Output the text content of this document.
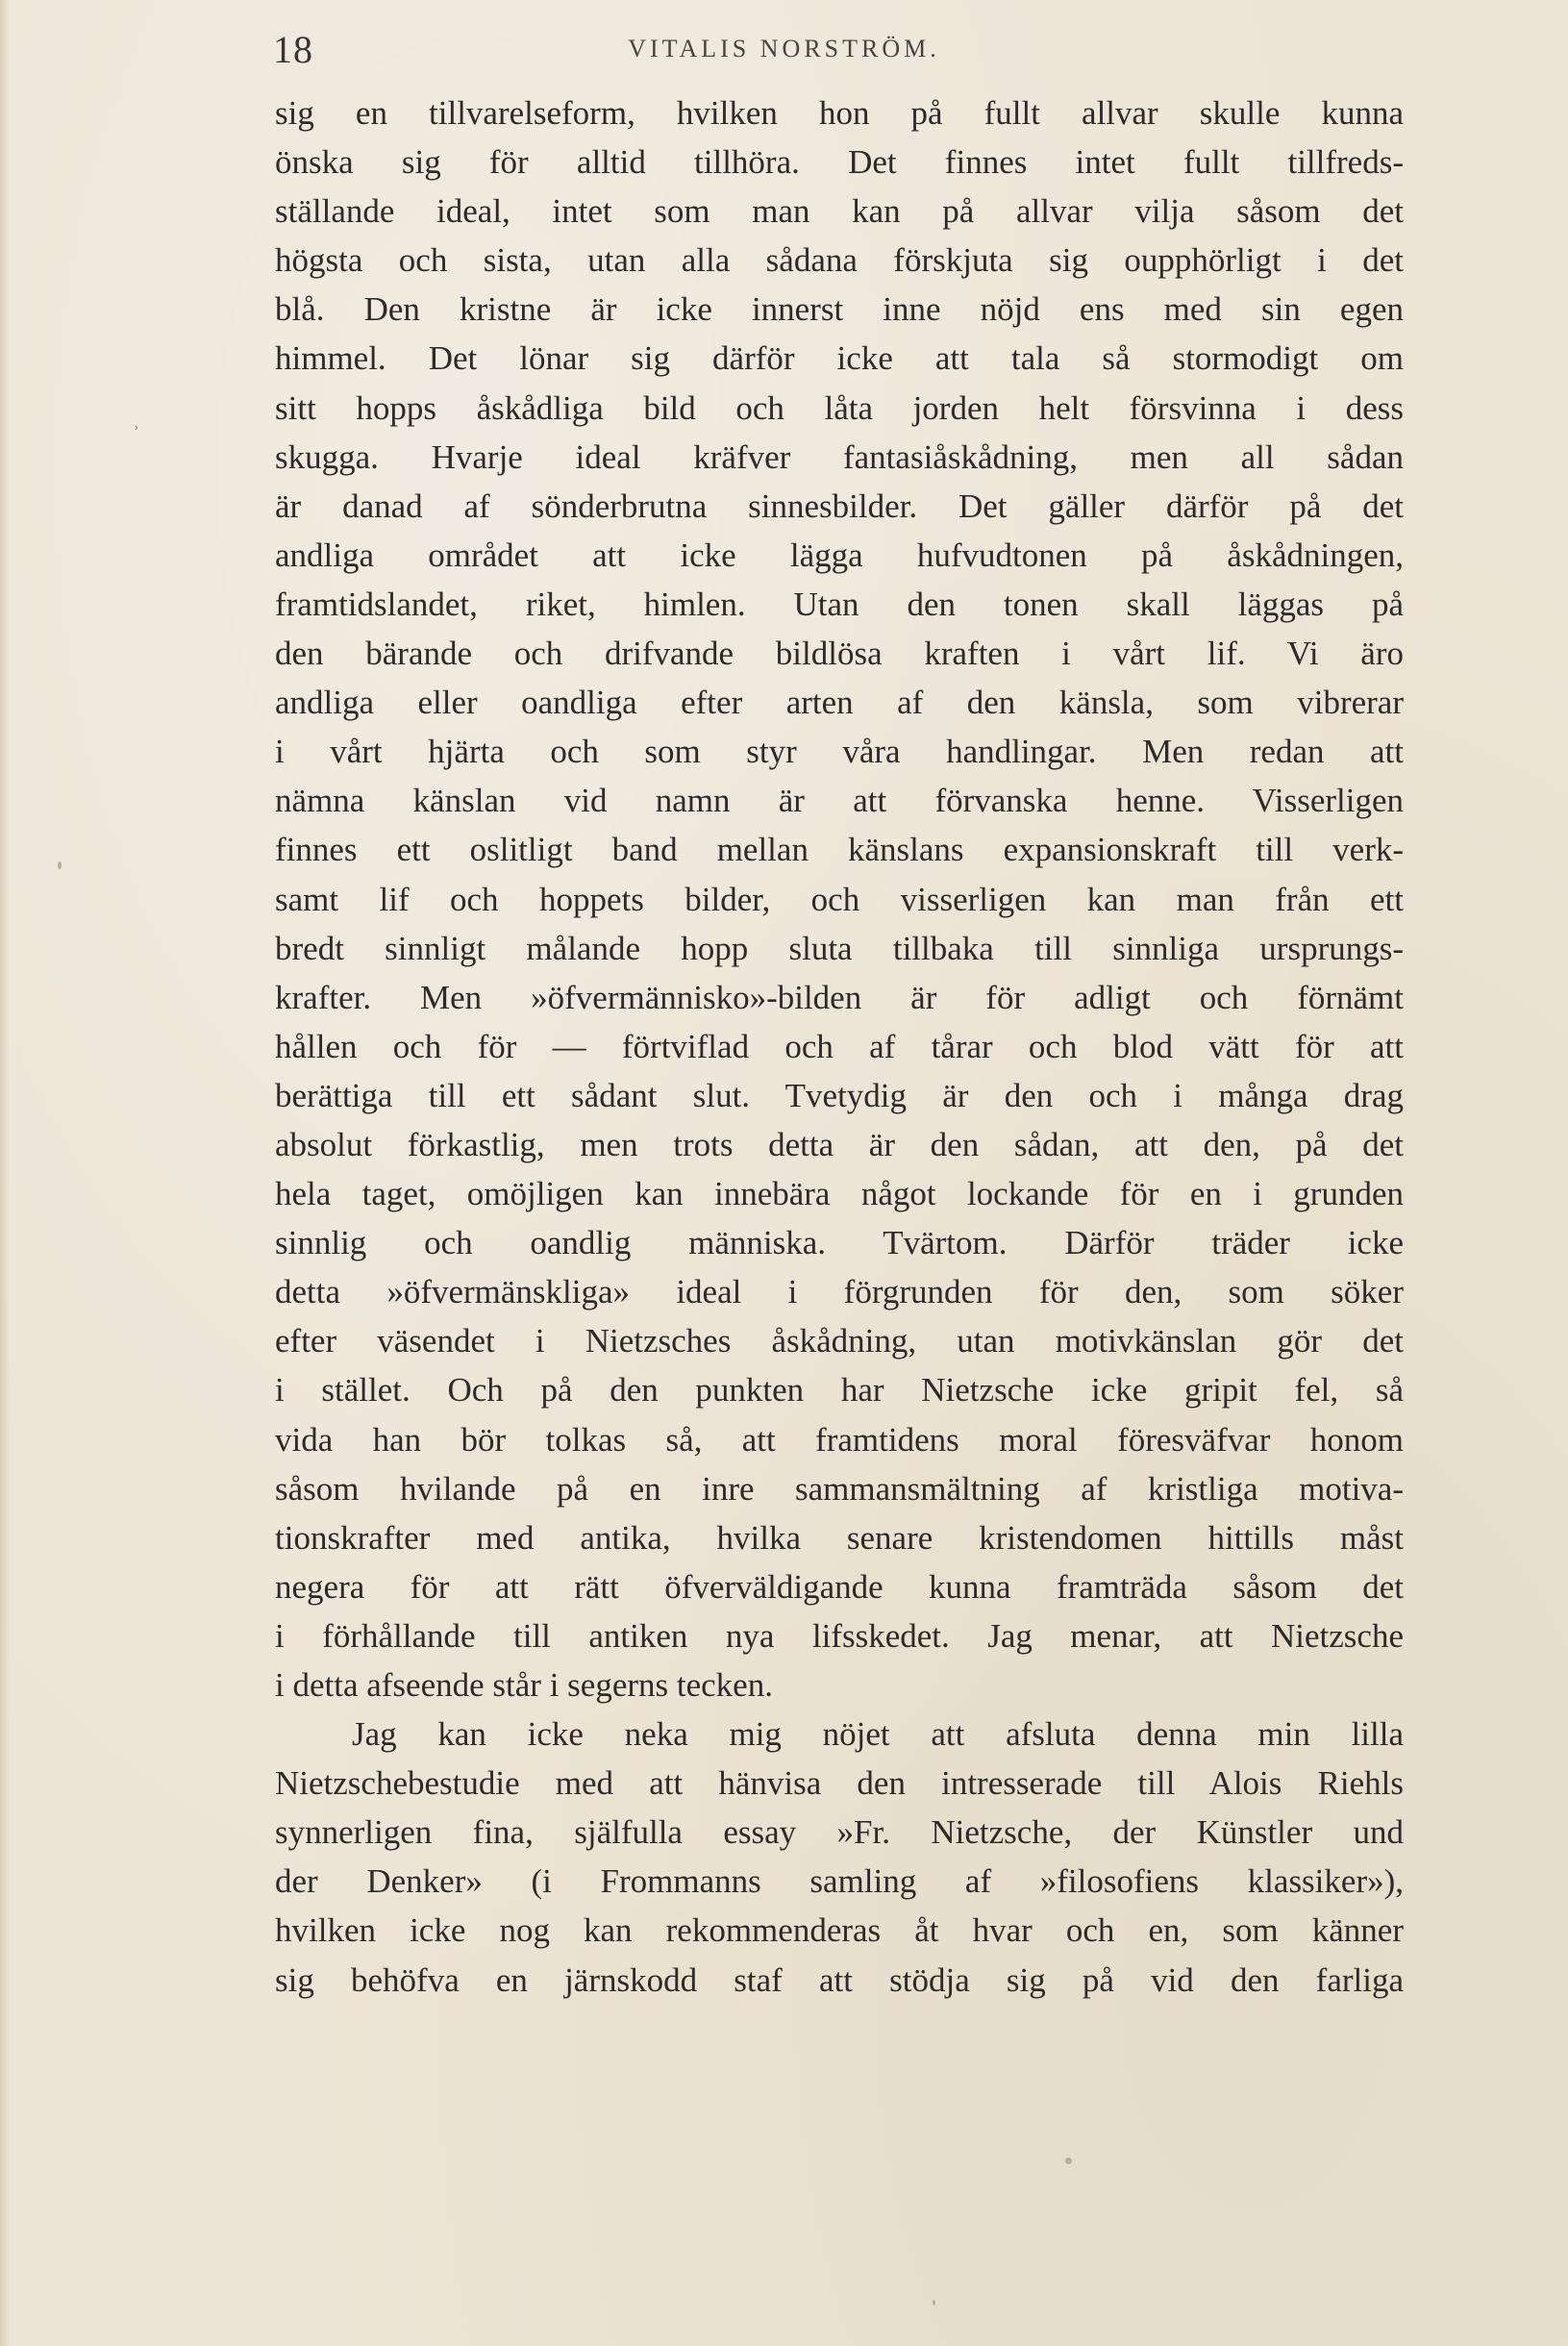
18	VITALIS NORSTRÖM.
sig en tillvarelseform, hvilken hon på fullt allvar skulle kunna
önska sig för alltid tillhöra. Det finnes intet fullt tillfreds-
ställande ideal, intet som man kan på allvar vilja såsom det
högsta och sista, utan alla sådana förskjuta sig oupphörligt i det
blå. Den kristne är icke innerst inne nöjd ens med sin egen
himmel. Det lönar sig därför icke att tala så stormodigt om
sitt hopps åskådliga bild och låta jorden helt försvinna i dess
skugga. Hvarje ideal kräfver fantasiåskådning, men all sådan
är danad af sönderbrutna sinnesbilder. Det gäller därför på det
andliga området att icke lägga hufvudtonen på åskådningen,
framtidslandet, riket, himlen. Utan den tonen skall läggas på
den bärande och drifvande bildlösa kraften i vårt lif. Vi äro
andliga eller oandliga efter arten af den känsla, som vibrerar
i vårt hjärta och som styr våra handlingar. Men redan att
nämna känslan vid namn är att förvanska henne. Visserligen
finnes ett oslitligt band mellan känslans expansionskraft till verk-
samt lif och hoppets bilder, och visserligen kan man från ett
bredt sinnligt målande hopp sluta tillbaka till sinnliga ursprungs-
krafter. Men »öfvermännisko»-bilden är för adligt och förnämt
hållen och för — förtviflad och af tårar och blod vätt för att
berättiga till ett sådant slut. Tvetydig är den och i många drag
absolut förkastlig, men trots detta är den sådan, att den, på det
hela taget, omöjligen kan innebära något lockande för en i grunden
sinnlig och oandlig människa. Tvärtom. Därför träder icke
detta »öfvermänskliga» ideal i förgrunden för den, som söker
efter väsendet i Nietzsches åskådning, utan motivkänslan gör det
i stället. Och på den punkten har Nietzsche icke gripit fel, så
vida han bör tolkas så, att framtidens moral föresväfvar honom
såsom hvilande på en inre sammansmältning af kristliga motiva-
tionskrafter med antika, hvilka senare kristendomen hittills måst
negera för att rätt öfverväldigande kunna framträda såsom det
i förhållande till antiken nya lifsskedet. Jag menar, att Nietzsche
i detta afseende står i segerns tecken.
Jag kan icke neka mig nöjet att afsluta denna min lilla
Nietzschebestudie med att hänvisa den intresserade till Alois Riehls
synnerligen fina, själfulla essay »Fr. Nietzsche, der Künstler und
der Denker» (i Frommanns samling af »filosofiens klassiker»),
hvilken icke nog kan rekommenderas åt hvar och en, som känner
sig behöfva en järnskodd staf att stödja sig på vid den farliga
˒
